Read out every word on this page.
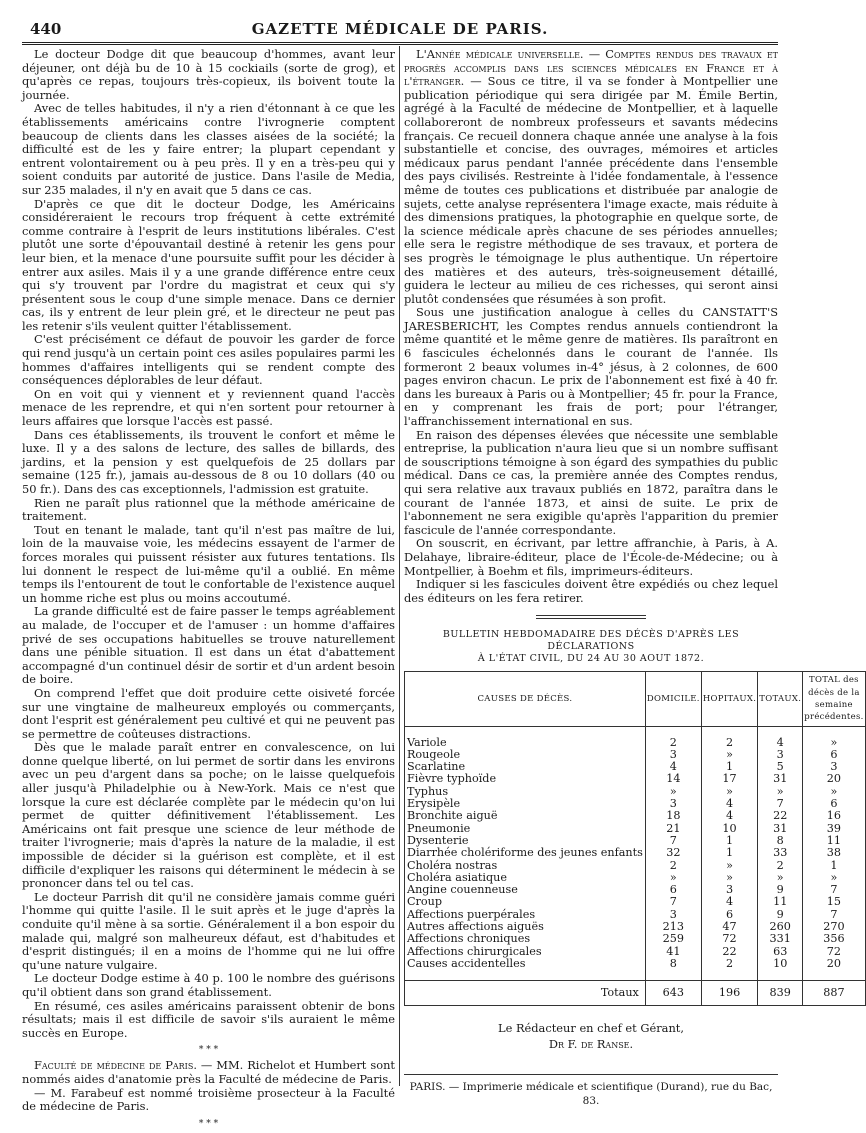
440	GAZETTE MÉDICALE DE PARIS.

Le docteur Dodge dit que beaucoup d'hommes, avant leur déjeuner, ont déjà bu de 10 à 15 cockiails (sorte de grog), et qu'après ce repas, toujours très-copieux, ils boivent toute la journée.

Avec de telles habitudes, il n'y a rien d'étonnant à ce que les établissements américains contre l'ivrognerie comptent beaucoup de clients dans les classes aisées de la société; la difficulté est de les y faire entrer; la plupart cependant y entrent volontairement ou à peu près. Il y en a très-peu qui y soient conduits par autorité de justice. Dans l'asile de Media, sur 235 malades, il n'y en avait que 5 dans ce cas.

D'après ce que dit le docteur Dodge, les Américains considéreraient le recours trop fréquent à cette extrémité comme contraire à l'esprit de leurs institutions libérales. C'est plutôt une sorte d'épouvantail destiné à retenir les gens pour leur bien, et la menace d'une poursuite suffit pour les décider à entrer aux asiles. Mais il y a une grande différence entre ceux qui s'y trouvent par l'ordre du magistrat et ceux qui s'y présentent sous le coup d'une simple menace. Dans ce dernier cas, ils y entrent de leur plein gré, et le directeur ne peut pas les retenir s'ils veulent quitter l'établissement.

C'est précisément ce défaut de pouvoir les garder de force qui rend jusqu'à un certain point ces asiles populaires parmi les hommes d'affaires intelligents qui se rendent compte des conséquences déplorables de leur défaut.

On en voit qui y viennent et y reviennent quand l'accès menace de les reprendre, et qui n'en sortent pour retourner à leurs affaires que lorsque l'accès est passé.

Dans ces établissements, ils trouvent le confort et même le luxe. Il y a des salons de lecture, des salles de billards, des jardins, et la pension y est quelquefois de 25 dollars par semaine (125 fr.), jamais au-dessous de 8 ou 10 dollars (40 ou 50 fr.). Dans des cas exceptionnels, l'admission est gratuite.

Rien ne paraît plus rationnel que la méthode américaine de traitement.

Tout en tenant le malade, tant qu'il n'est pas maître de lui, loin de la mauvaise voie, les médecins essayent de l'armer de forces morales qui puissent résister aux futures tentations. Ils lui donnent le respect de lui-même qu'il a oublié. En même temps ils l'entourent de tout le confortable de l'existence auquel un homme riche est plus ou moins accoutumé.

La grande difficulté est de faire passer le temps agréablement au malade, de l'occuper et de l'amuser : un homme d'affaires privé de ses occupations habituelles se trouve naturellement dans une pénible situation. Il est dans un état d'abattement accompagné d'un continuel désir de sortir et d'un ardent besoin de boire.

On comprend l'effet que doit produire cette oisiveté forcée sur une vingtaine de malheureux employés ou commerçants, dont l'esprit est généralement peu cultivé et qui ne peuvent pas se permettre de coûteuses distractions.

Dès que le malade paraît entrer en convalescence, on lui donne quelque liberté, on lui permet de sortir dans les environs avec un peu d'argent dans sa poche; on le laisse quelquefois aller jusqu'à Philadelphie ou à New-York. Mais ce n'est que lorsque la cure est déclarée complète par le médecin qu'on lui permet de quitter définitivement l'établissement. Les Américains ont fait presque une science de leur méthode de traiter l'ivrognerie; mais d'après la nature de la maladie, il est impossible de décider si la guérison est complète, et il est difficile d'expliquer les raisons qui déterminent le médecin à se prononcer dans tel ou tel cas.

Le docteur Parrish dit qu'il ne considère jamais comme guéri l'homme qui quitte l'asile. Il le suit après et le juge d'après la conduite qu'il mène à sa sortie. Généralement il a bon espoir du malade qui, malgré son malheureux défaut, est d'habitudes et d'esprit distingués; il en a moins de l'homme qui ne lui offre qu'une nature vulgaire.

Le docteur Dodge estime à 40 p. 100 le nombre des guérisons qu'il obtient dans son grand établissement.

En résumé, ces asiles américains paraissent obtenir de bons résultats; mais il est difficile de savoir s'ils auraient le même succès en Europe.

* * *

Faculté de médecine de Paris. — MM. Richelot et Humbert sont nommés aides d'anatomie près la Faculté de médecine de Paris.

— M. Farabeuf est nommé troisième prosecteur à la Faculté de médecine de Paris.

* * *

L'Année médicale universelle. — Comptes rendus des travaux et progrès accomplis dans les sciences médicales en France et à l'étranger. — Sous ce titre, il va se fonder à Montpellier une publication périodique qui sera dirigée par M. Émile Bertin, agrégé à la Faculté de médecine de Montpellier, et à laquelle collaboreront de nombreux professeurs et savants médecins français. Ce recueil donnera chaque année une analyse à la fois substantielle et concise, des ouvrages, mémoires et articles médicaux parus pendant l'année précédente dans l'ensemble des pays civilisés. Restreinte à l'idée fondamentale, à l'essence même de toutes ces publications et distribuée par analogie de sujets, cette analyse représentera l'image exacte, mais réduite à des dimensions pratiques, la photographie en quelque sorte, de la science médicale après chacune de ses périodes annuelles; elle sera le registre méthodique de ses travaux, et portera de ses progrès le témoignage le plus authentique. Un répertoire des matières et des auteurs, très-soigneusement détaillé, guidera le lecteur au milieu de ces richesses, qui seront ainsi plutôt condensées que résumées à son profit.

Sous une justification analogue à celles du CANSTATT'S JARESBERICHT, les Comptes rendus annuels contiendront la même quantité et le même genre de matières. Ils paraîtront en 6 fascicules échelonnés dans le courant de l'année. Ils formeront 2 beaux volumes in-4° jésus, à 2 colonnes, de 600 pages environ chacun. Le prix de l'abonnement est fixé à 40 fr. dans les bureaux à Paris ou à Montpellier; 45 fr. pour la France, en y comprenant les frais de port; pour l'étranger, l'affranchissement international en sus.

En raison des dépenses élevées que nécessite une semblable entreprise, la publication n'aura lieu que si un nombre suffisant de souscriptions témoigne à son égard des sympathies du public médical. Dans ce cas, la première année des Comptes rendus, qui sera relative aux travaux publiés en 1872, paraîtra dans le courant de l'année 1873, et ainsi de suite. Le prix de l'abonnement ne sera exigible qu'après l'apparition du premier fascicule de l'année correspondante.

On souscrit, en écrivant, par lettre affranchie, à Paris, à A. Delahaye, libraire-éditeur, place de l'École-de-Médecine; ou à Montpellier, à Boehm et fils, imprimeurs-éditeurs.

Indiquer si les fascicules doivent être expédiés ou chez lequel des éditeurs on les fera retirer.

BULLETIN HEBDOMADAIRE DES DÉCÈS D'APRÈS LES DÉCLARATIONS
À L'ÉTAT CIVIL, DU 24 AU 30 AOUT 1872.
CAUSES DE DÉCÈS.	DOMICILE.	HOPITAUX.	TOTAUX.	TOTAL des décès de la semaine précédentes.

Variole	2	2	4	»
Rougeole	3	»	3	6
Scarlatine	4	1	5	3
Fièvre typhoïde	14	17	31	20
Typhus	»	»	»	»
Erysipèle	3	4	7	6
Bronchite aiguë	18	4	22	16
Pneumonie	21	10	31	39
Dysenterie	7	1	8	11
Diarrhée cholériforme des jeunes enfants	32	1	33	38
Choléra nostras	2	»	2	1
Choléra asiatique	»	»	»	»
Angine couenneuse	6	3	9	7
Croup	7	4	11	15
Affections puerpérales	3	6	9	7
Autres affections aiguës	213	47	260	270
Affections chroniques	259	72	331	356
Affections chirurgicales	41	22	63	72
Causes accidentelles	8	2	10	20

Totaux	643	196	839	887
Le Rédacteur en chef et Gérant,
Dr F. de Ranse.
PARIS. — Imprimerie médicale et scientifique (Durand), rue du Bac, 83.
